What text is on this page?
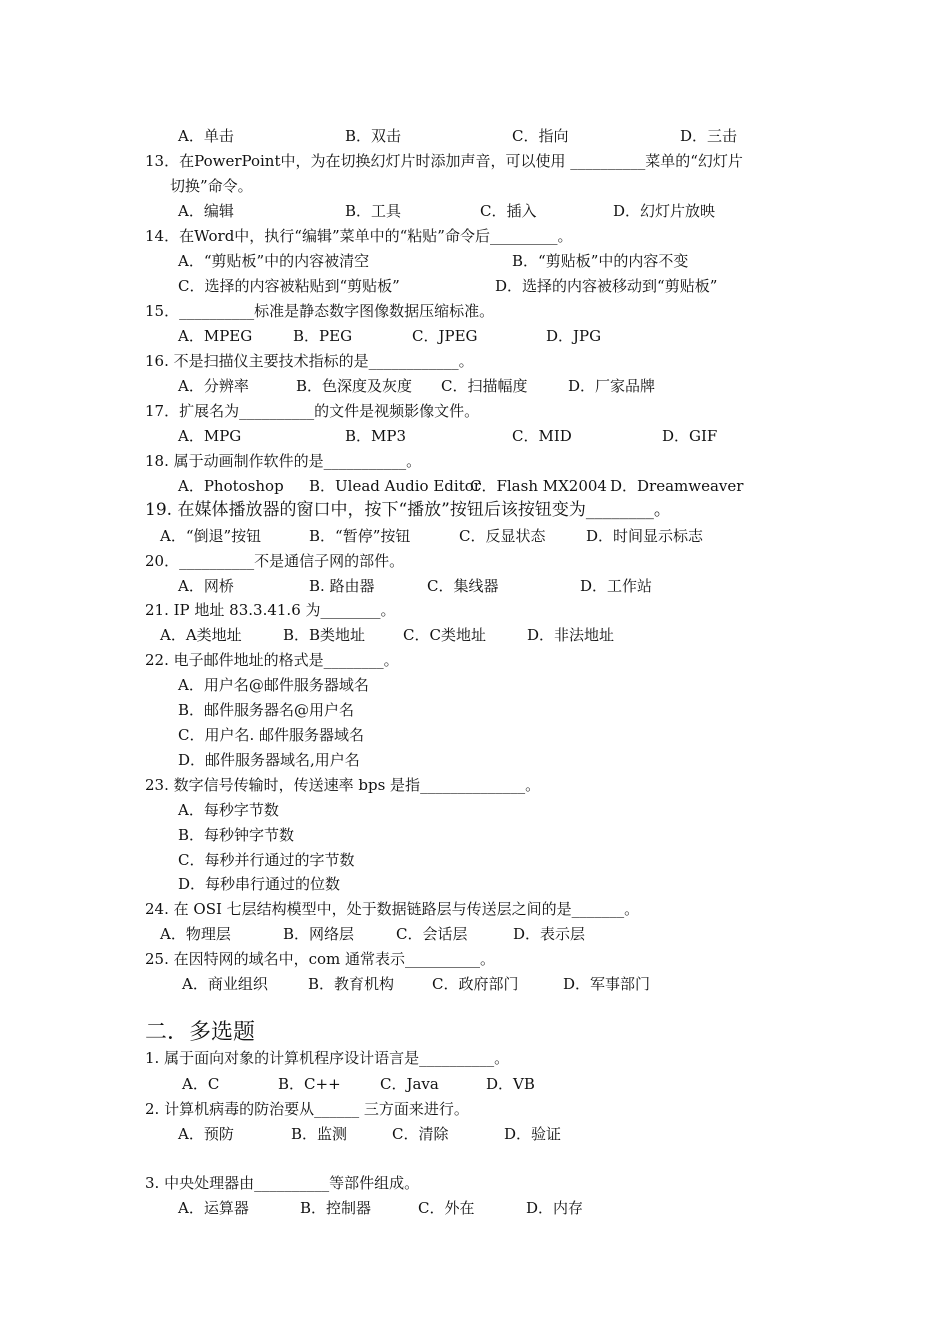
A．单击	B．双击	C．指向	D．三击
13．在PowerPoint中，为在切换幻灯片时添加声音，可以使用 __________菜单的“幻灯片
切换”命令。
A．编辑	B．工具	C．插入	D．幻灯片放映
14．在Word中，执行“编辑”菜单中的“粘贴”命令后_________。
A．“剪贴板”中的内容被清空	B．“剪贴板”中的内容不变
C．选择的内容被粘贴到“剪贴板”	D．选择的内容被移动到“剪贴板”
15．__________标准是静态数字图像数据压缩标准。
A．MPEG	B．PEG	C．JPEG	D．JPG
16. 不是扫描仪主要技术指标的是____________。
A．分辨率	B．色深度及灰度 C．扫描幅度	D．厂家品牌
17．扩展名为__________的文件是视频影像文件。
A．MPG	B．MP3	C．MID	D．GIF
18. 属于动画制作软件的是___________。
A．Photoshop B．Ulead Audio Editor
C．Flash MX2004 D．Dreamweaver
19. 在媒体播放器的窗口中，按下“播放”按钮后该按钮变为________。
A．“倒退”按钮	B．“暂停”按钮	C．反显状态	D．时间显示标志
20．__________不是通信子网的部件。
A．网桥	B. 路由器	C．集线器	D．工作站
21. IP 地址 83.3.41.6 为________。
A．A类地址	B．B类地址	C．C类地址	D．非法地址
22. 电子邮件地址的格式是________。
A．用户名@邮件服务器域名
B．邮件服务器名@用户名
C．用户名. 邮件服务器域名
D．邮件服务器域名,用户名
23. 数字信号传输时，传送速率 bps 是指______________。
A．每秒字节数
B．每秒钟字节数
C．每秒并行通过的字节数
D．每秒串行通过的位数
24. 在 OSI 七层结构模型中，处于数据链路层与传送层之间的是_______。
A．物理层	B．网络层	C．会话层	D．表示层
25. 在因特网的域名中，com 通常表示__________。
A．商业组织	B．教育机构	C．政府部门	D．军事部门
二．多选题
1. 属于面向对象的计算机程序设计语言是__________。
A．C	B．C++	C．Java	D．VB
2. 计算机病毒的防治要从______ 三方面来进行。
A．预防	B．监测	C．清除	D．验证
3. 中央处理器由__________等部件组成。
A．运算器	B．控制器	C．外在	D．内存
